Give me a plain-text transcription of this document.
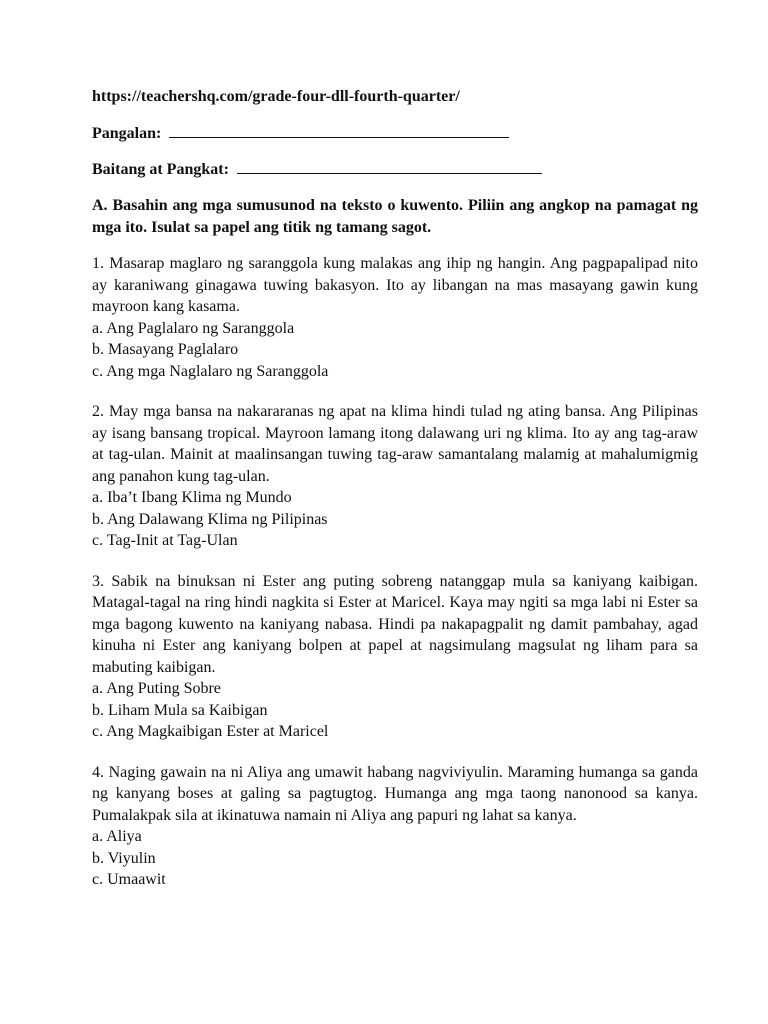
https://teachershq.com/grade-four-dll-fourth-quarter/
Pangalan:
Baitang at Pangkat:
A. Basahin ang mga sumusunod na teksto o kuwento. Piliin ang angkop na pamagat ng mga ito. Isulat sa papel ang titik ng tamang sagot.

1. Masarap maglaro ng saranggola kung malakas ang ihip ng hangin. Ang pagpapalipad nito ay karaniwang ginagawa tuwing bakasyon. Ito ay libangan na mas masayang gawin kung mayroon kang kasama.

a. Ang Paglalaro ng Saranggola
b. Masayang Paglalaro
c. Ang mga Naglalaro ng Saranggola

2. May mga bansa na nakararanas ng apat na klima hindi tulad ng ating bansa. Ang Pilipinas ay isang bansang tropical. Mayroon lamang itong dalawang uri ng klima. Ito ay ang tag-araw at tag-ulan. Mainit at maalinsangan tuwing tag-araw samantalang malamig at mahalumigmig ang panahon kung tag-ulan.

a. Iba’t Ibang Klima ng Mundo
b. Ang Dalawang Klima ng Pilipinas
c. Tag-Init at Tag-Ulan

3. Sabik na binuksan ni Ester ang puting sobreng natanggap mula sa kaniyang kaibigan. Matagal-tagal na ring hindi nagkita si Ester at Maricel. Kaya may ngiti sa mga labi ni Ester sa mga bagong kuwento na kaniyang nabasa. Hindi pa nakapagpalit ng damit pambahay, agad kinuha ni Ester ang kaniyang bolpen at papel at nagsimulang magsulat ng liham para sa mabuting kaibigan.

a. Ang Puting Sobre
b. Liham Mula sa Kaibigan
c. Ang Magkaibigan Ester at Maricel

4. Naging gawain na ni Aliya ang umawit habang nagviviyulin. Maraming humanga sa ganda ng kanyang boses at galing sa pagtugtog. Humanga ang mga taong nanonood sa kanya. Pumalakpak sila at ikinatuwa namain ni Aliya ang papuri ng lahat sa kanya.

a. Aliya
b. Viyulin
c. Umaawit
